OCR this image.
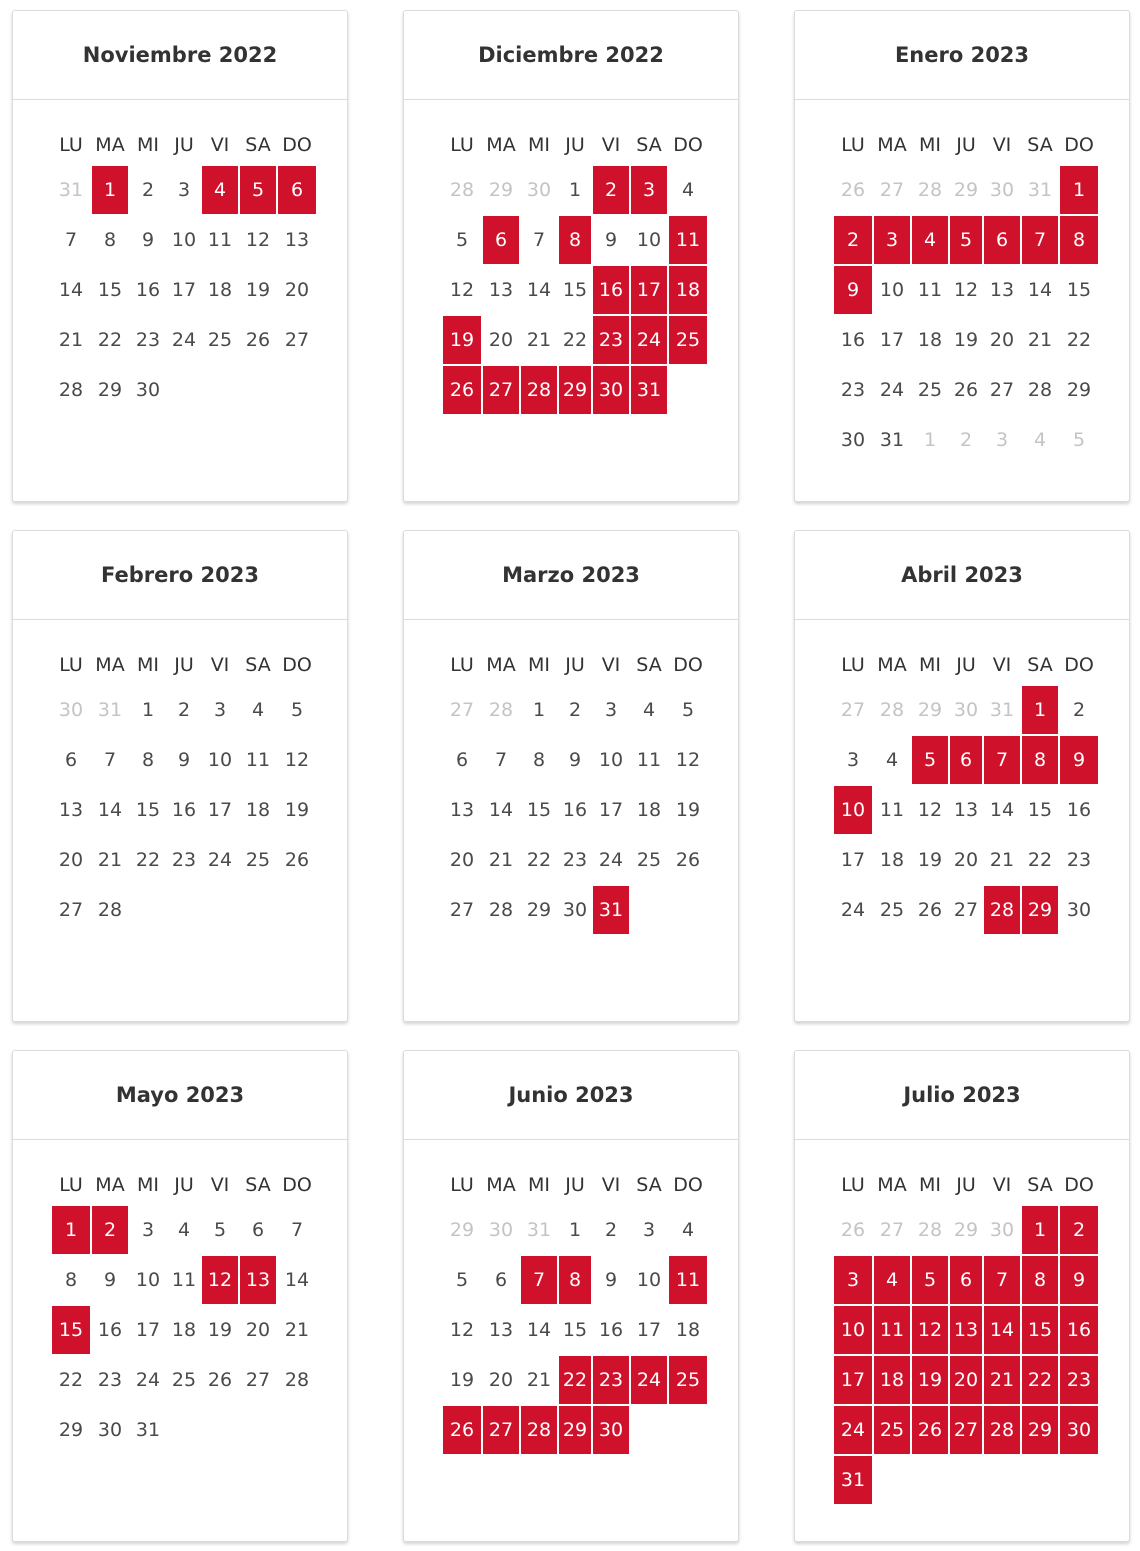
Noviembre 2022
LU MA MI JU VI SA DO
31	1	2	3	4	5	6
7	8	9 10 11 12 13
14 15 16 17 18 19 20
21 22 23 24 25 26 27
28 29 30
Diciembre 2022
LU MA MI JU VI SA DO
28 29 30 1	2	3	4
5	6	7	8	9	10 11
12 13 14 15 16 17 18
19 20 21 22 23 24 25
26 27 28 29 30 31
Enero 2023
LU MA MI JU VI SA DO
26 27 28 29 30 31	1
2	3	4	5	6	7	8
9	10 11 12 13 14 15
16 17 18 19 20 21 22
23 24 25 26 27 28 29
30 31	1	2	3	4	5
Febrero 2023
LU MA MI JU VI SA DO
30 31	1	2	3	4	5
6	7	8	9 10 11 12
13 14 15 16 17 18 19
20 21 22 23 24 25 26
27 28
Marzo 2023
LU MA MI JU VI SA DO
27 28	1	2	3	4	5
6	7	8	9 10 11 12
13 14 15 16 17 18 19
20 21 22 23 24 25 26
27 28 29 30 31
Abril 2023
LU MA MI JU VI SA DO
27 28 29 30 31	1	2
3	4	5	6	7	8	9
10 11 12 13 14 15 16
17 18 19 20 21 22 23
24 25 26 27 28 29 30
Mayo 2023
LU MA MI JU VI SA DO
1	2	3	4	5	6	7
8	9	10 11 12 13 14
15 16 17 18 19 20 21
22 23 24 25 26 27 28
29 30 31
Junio 2023
LU MA MI JU VI SA DO
29 30 31 1	2	3	4
5	6	7	8	9	10 11
12 13 14 15 16 17 18
19 20 21 22 23 24 25
26 27 28 29 30
Julio 2023
LU MA MI JU VI SA DO
26 27 28 29 30	1	2
3	4	5	6	7	8	9
10 11 12 13 14 15 16
17 18 19 20 21 22 23
24 25 26 27 28 29 30
31
